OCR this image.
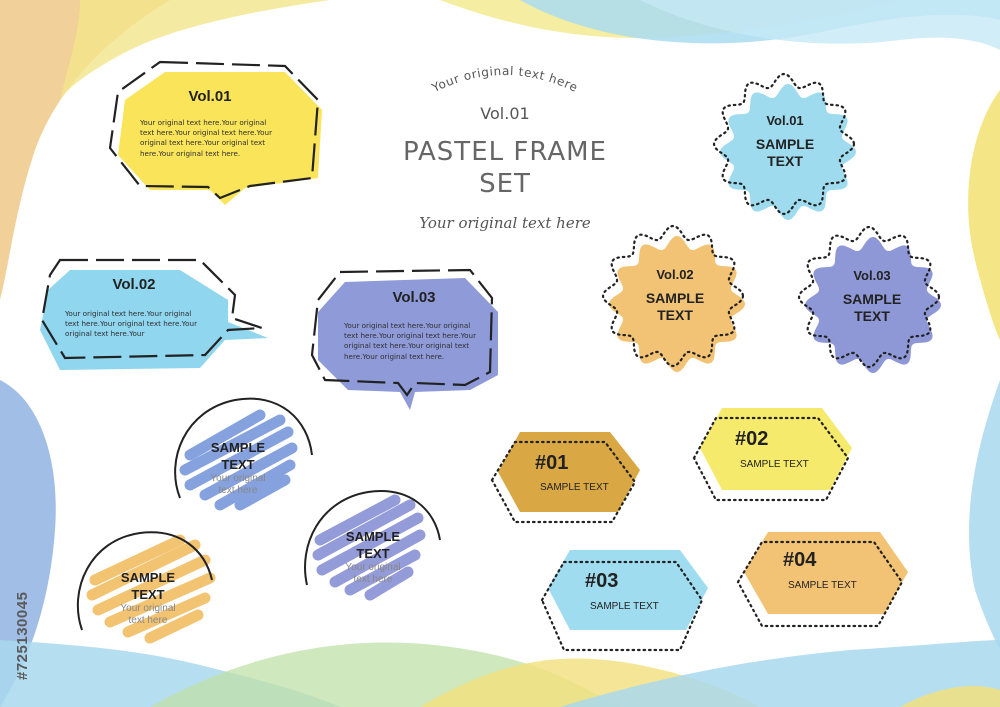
Your original text here
Vol.01
PASTEL FRAME
SET
Your original text here
Vol.01
Your original text here.Your original text here.Your original text here.Your original text here.Your original text here.Your original text here.
Vol.02
Your original text here.Your original text here.Your original text here.Your original text here.Your
Vol.03
Your original text here.Your original text here.Your original text here.Your original text here.Your original text here.Your original text here.
Vol.01
SAMPLE
TEXT
Vol.02
SAMPLE
TEXT
Vol.03
SAMPLE
TEXT
SAMPLE
TEXT
Your original
text here
SAMPLE
TEXT
Your original
text here
SAMPLE
TEXT
Your original
text here
#01
SAMPLE TEXT
#02
SAMPLE TEXT
#03
SAMPLE TEXT
#04
SAMPLE TEXT
#725130045
